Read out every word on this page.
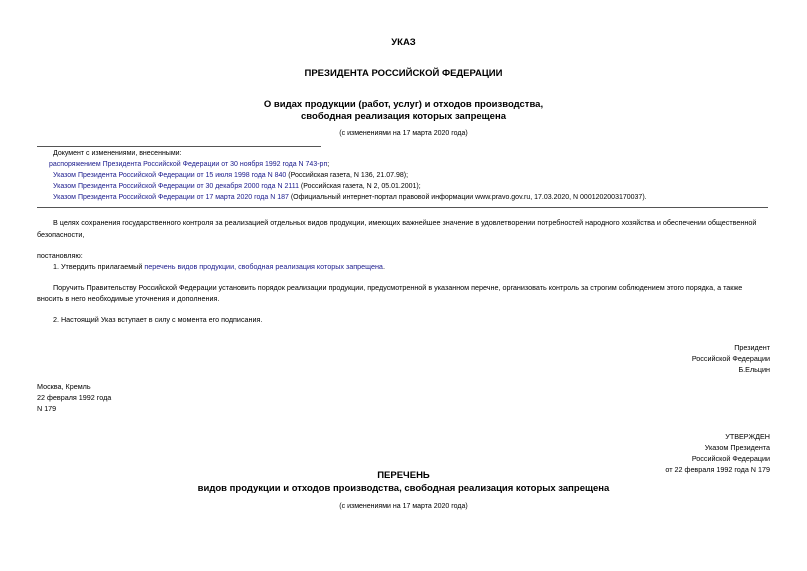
УКАЗ
ПРЕЗИДЕНТА РОССИЙСКОЙ ФЕДЕРАЦИИ
О видах продукции (работ, услуг) и отходов производства,
свободная реализация которых запрещена
(с изменениями на 17 марта 2020 года)
Документ с изменениями, внесенными:
распоряжением Президента Российской Федерации от 30 ноября 1992 года N 743-рп;
Указом Президента Российской Федерации от 15 июля 1998 года N 840 (Российская газета, N 136, 21.07.98);
Указом Президента Российской Федерации от 30 декабря 2000 года N 2111 (Российская газета, N 2, 05.01.2001);
Указом Президента Российской Федерации от 17 марта 2020 года N 187 (Официальный интернет-портал правовой информации www.pravo.gov.ru, 17.03.2020, N 0001202003170037).
В целях сохранения государственного контроля за реализацией отдельных видов продукции, имеющих важнейшее значение в удовлетворении потребностей народного хозяйства и обеспечении общественной
безопасности,
постановляю:
1. Утвердить прилагаемый перечень видов продукции, свободная реализация которых запрещена.
Поручить Правительству Российской Федерации установить порядок реализации продукции, предусмотренной в указанном перечне, организовать контроль за строгим соблюдением этого порядка, а также
вносить в него необходимые уточнения и дополнения.
2. Настоящий Указ вступает в силу с момента его подписания.
Президент
Российской Федерации
Б.Ельцин
Москва, Кремль
22 февраля 1992 года
N 179
УТВЕРЖДЕН
Указом Президента
Российской Федерации
от 22 февраля 1992 года N 179
ПЕРЕЧЕНЬ
видов продукции и отходов производства, свободная реализация которых запрещена
(с изменениями на 17 марта 2020 года)
